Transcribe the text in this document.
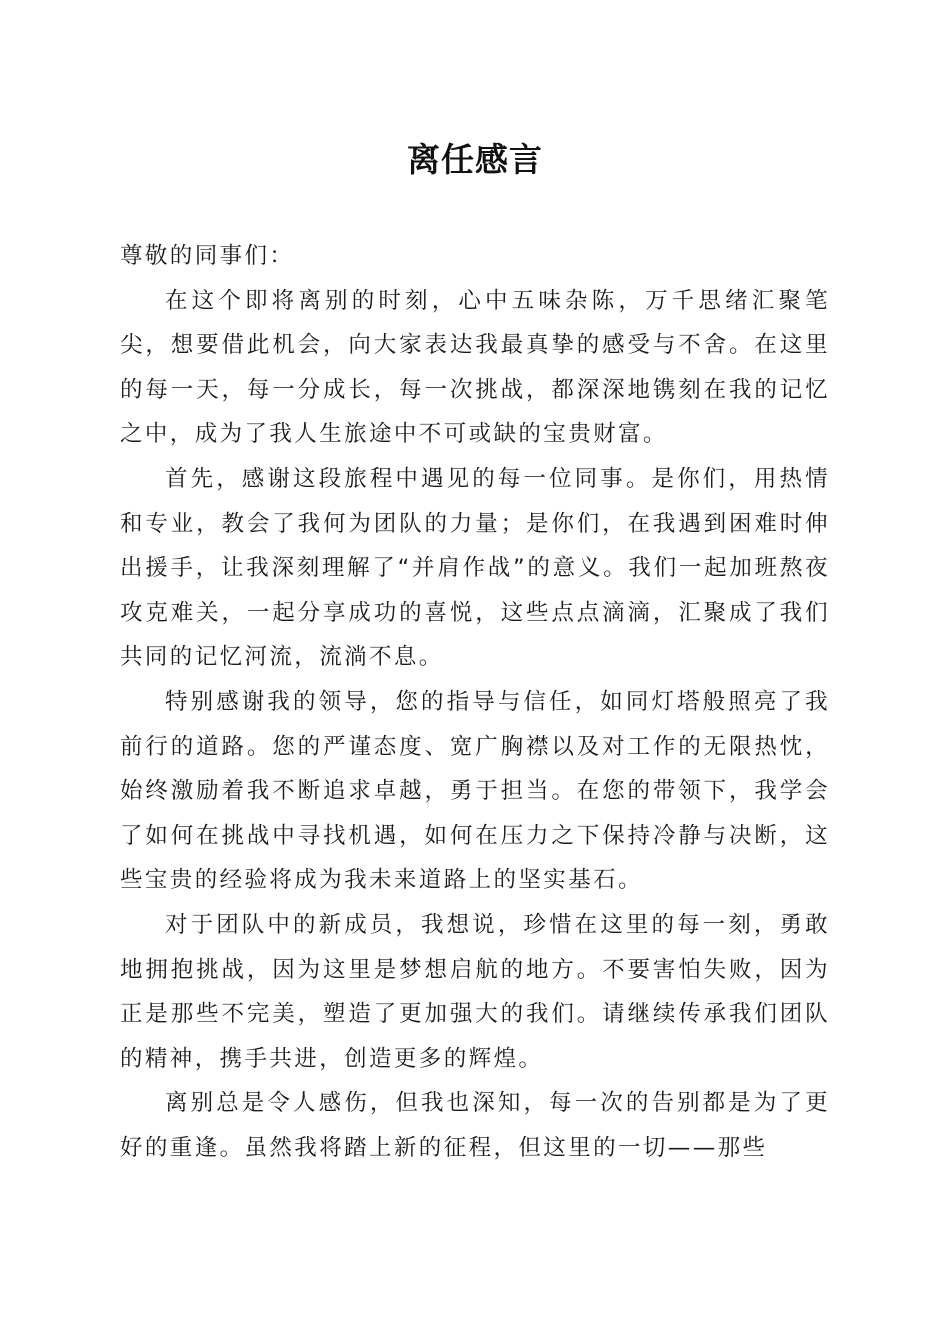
离任感言

尊敬的同事们：

在这个即将离别的时刻，心中五味杂陈，万千思绪汇聚笔尖，想要借此机会，向大家表达我最真挚的感受与不舍。在这里的每一天，每一分成长，每一次挑战，都深深地镌刻在我的记忆之中，成为了我人生旅途中不可或缺的宝贵财富。

首先，感谢这段旅程中遇见的每一位同事。是你们，用热情和专业，教会了我何为团队的力量；是你们，在我遇到困难时伸出援手，让我深刻理解了“并肩作战”的意义。我们一起加班熬夜攻克难关，一起分享成功的喜悦，这些点点滴滴，汇聚成了我们共同的记忆河流，流淌不息。

特别感谢我的领导，您的指导与信任，如同灯塔般照亮了我前行的道路。您的严谨态度、宽广胸襟以及对工作的无限热忱，始终激励着我不断追求卓越，勇于担当。在您的带领下，我学会了如何在挑战中寻找机遇，如何在压力之下保持冷静与决断，这些宝贵的经验将成为我未来道路上的坚实基石。

对于团队中的新成员，我想说，珍惜在这里的每一刻，勇敢地拥抱挑战，因为这里是梦想启航的地方。不要害怕失败，因为正是那些不完美，塑造了更加强大的我们。请继续传承我们团队的精神，携手共进，创造更多的辉煌。

离别总是令人感伤，但我也深知，每一次的告别都是为了更好的重逢。虽然我将踏上新的征程，但这里的一切——那些
